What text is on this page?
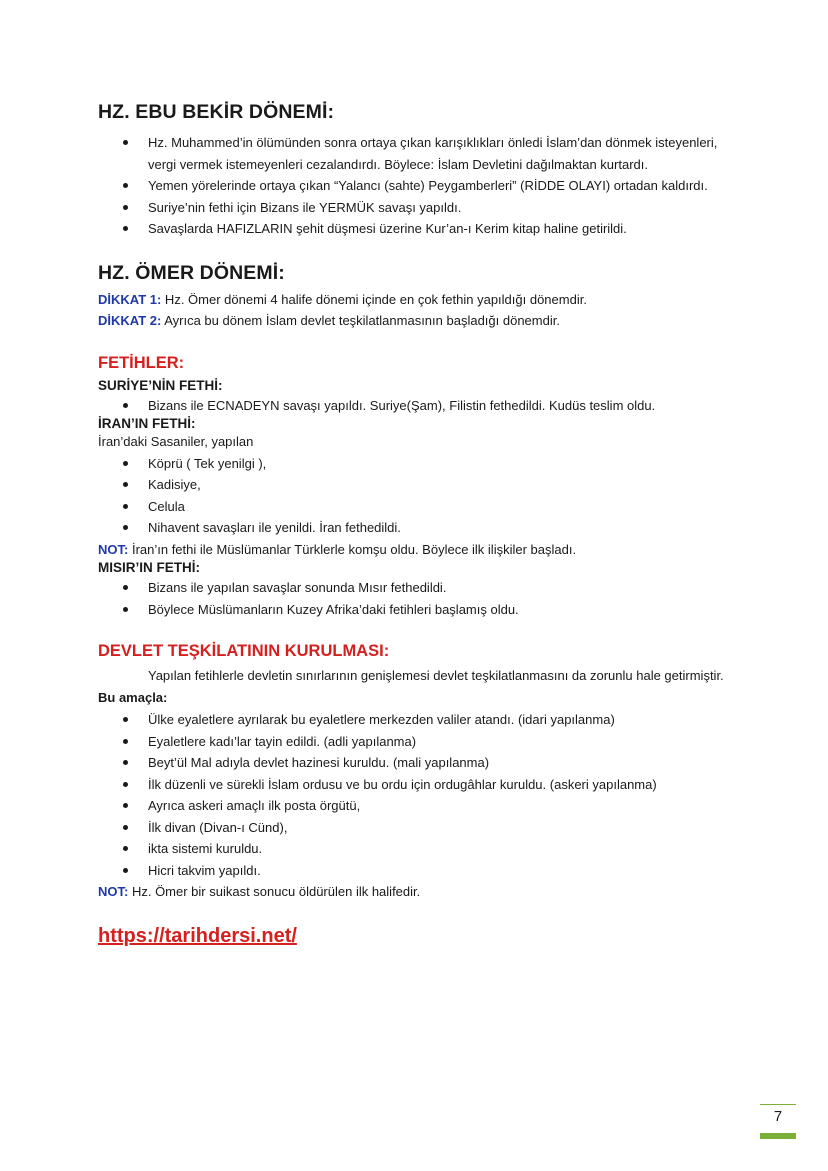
HZ. EBU BEKİR DÖNEMİ:
Hz. Muhammed’in ölümünden sonra ortaya çıkan karışıklıkları önledi İslam’dan dönmek isteyenleri, vergi vermek istemeyenleri cezalandırdı. Böylece: İslam Devletini dağılmaktan kurtardı.
Yemen yörelerinde ortaya çıkan “Yalancı (sahte) Peygamberleri” (RİDDE OLAYI) ortadan kaldırdı.
Suriye’nin fethi için Bizans ile YERMÜK savaşı yapıldı.
Savaşlarda HAFIZLARIN şehit düşmesi üzerine Kur’an-ı Kerim kitap haline getirildi.
HZ. ÖMER DÖNEMİ:

DİKKAT 1: Hz. Ömer dönemi 4 halife dönemi içinde en çok fethin yapıldığı dönemdir.

DİKKAT 2: Ayrıca bu dönem İslam devlet teşkilatlanmasının başladığı dönemdir.

FETİHLER:
SURİYE’NİN FETHİ:
Bizans ile ECNADEYN savaşı yapıldı. Suriye(Şam), Filistin fethedildi. Kudüs teslim oldu.
İRAN’IN FETHİ:

İran’daki Sasaniler, yapılan

Köprü ( Tek yenilgi ),
Kadisiye,
Celula
Nihavent savaşları ile yenildi. İran fethedildi.

NOT: İran’ın fethi ile Müslümanlar Türklerle komşu oldu. Böylece ilk ilişkiler başladı.

MISIR’IN FETHİ:
Bizans ile yapılan savaşlar sonunda Mısır fethedildi.
Böylece Müslümanların Kuzey Afrika’daki fetihleri başlamış oldu.
DEVLET TEŞKİLATININ KURULMASI:

Yapılan fetihlerle devletin sınırlarının genişlemesi devlet teşkilatlanmasını da zorunlu hale getirmiştir.

Bu amaçla:

Ülke eyaletlere ayrılarak bu eyaletlere merkezden valiler atandı. (idari yapılanma)
Eyaletlere kadı’lar tayin edildi. (adli yapılanma)
Beyt’ül Mal adıyla devlet hazinesi kuruldu. (mali yapılanma)
İlk düzenli ve sürekli İslam ordusu ve bu ordu için ordugâhlar kuruldu. (askeri yapılanma)
Ayrıca askeri amaçlı ilk posta örgütü,
İlk divan (Divan-ı Cünd),
ikta sistemi kuruldu.
Hicri takvim yapıldı.

NOT: Hz. Ömer bir suikast sonucu öldürülen ilk halifedir.

https://tarihdersi.net/
7
